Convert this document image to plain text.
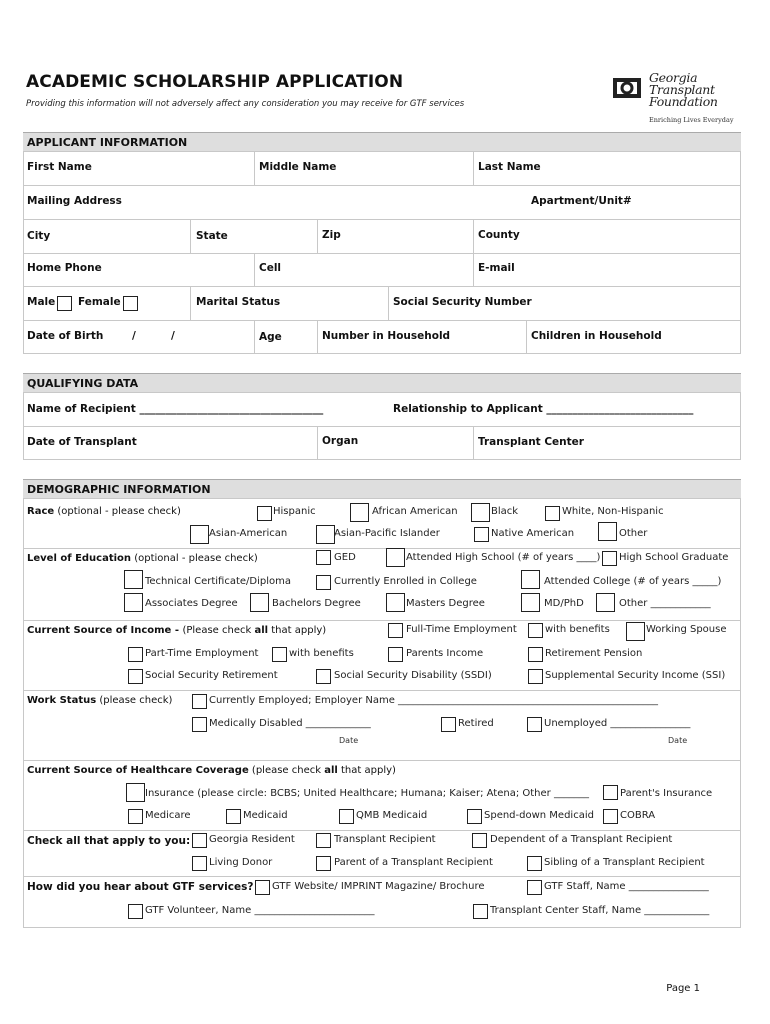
ACADEMIC SCHOLARSHIP APPLICATION
Providing this information will not adversely affect any consideration you may receive for GTF services
Georgia
Transplant
Foundation
Enriching Lives Everyday
APPLICANT INFORMATION
First Name	Middle Name	Last Name
Mailing Address	Apartment/Unit#
City	State	Zip	County
Home Phone	Cell	E-mail
Male Female	Marital Status	Social Security Number
Date of Birth	/	/	Age	Number in Household	Children in Household
QUALIFYING DATA
Name of Recipient ___________________________________	Relationship to Applicant ____________________________
Date of Transplant	Organ	Transplant Center
DEMOGRAPHIC INFORMATION
Race (optional - please check)	Hispanic	African American	Black	White, Non-Hispanic
Asian-American	Asian-Pacific Islander	Native American	Other
Level of Education (optional - please check)	GED	Attended High School (# of years ____) High School Graduate
Technical Certificate/Diploma	Currently Enrolled in College	Attended College (# of years _____)
Associates Degree	Bachelors Degree	Masters Degree	MD/PhD	Other ____________
Current Source of Income - (Please check all that apply)	Full-Time Employment	with benefits	Working Spouse
Part-Time Employment	with benefits	Parents Income	Retirement Pension
Social Security Retirement	Social Security Disability (SSDI)	Supplemental Security Income (SSI)
Work Status (please check)	Currently Employed; Employer Name ____________________________________________________
Medically Disabled _____________	Retired	Unemployed ________________
Date	Date
Current Source of Healthcare Coverage (please check all that apply)
Insurance (please circle: BCBS; United Healthcare; Humana; Kaiser; Atena; Other _______	Parent's Insurance
Medicare	Medicaid	QMB Medicaid	Spend-down Medicaid	COBRA
Check all that apply to you: Georgia Resident	Transplant Recipient	Dependent of a Transplant Recipient
Living Donor	Parent of a Transplant Recipient	Sibling of a Transplant Recipient
How did you hear about GTF services? GTF Website/ IMPRINT Magazine/ Brochure	GTF Staff, Name ________________
GTF Volunteer, Name ________________________	Transplant Center Staff, Name _____________
Page 1
